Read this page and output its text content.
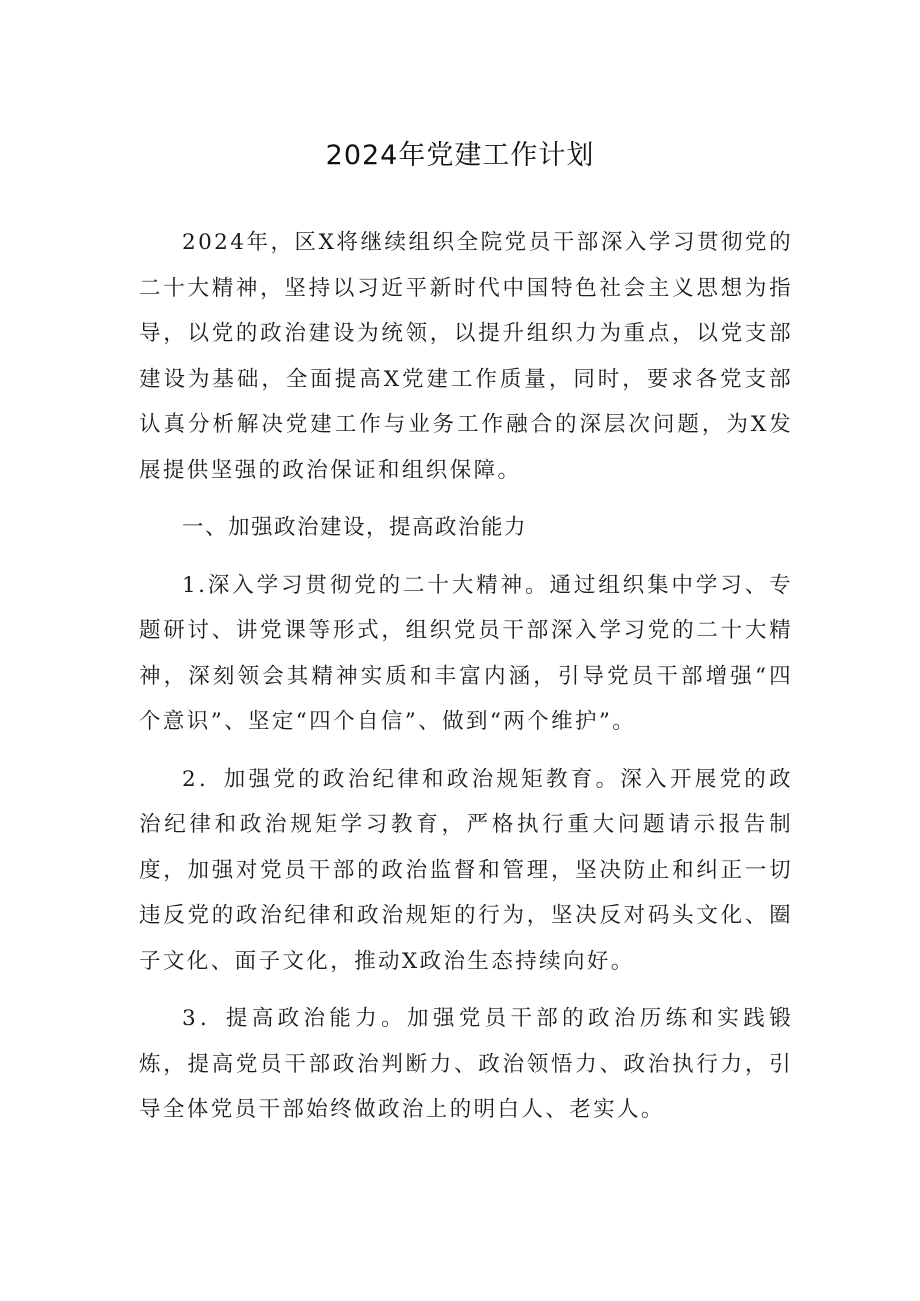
2024年党建工作计划

2024年，区X将继续组织全院党员干部深入学习贯彻党的二十大精神，坚持以习近平新时代中国特色社会主义思想为指导，以党的政治建设为统领，以提升组织力为重点，以党支部建设为基础，全面提高X党建工作质量，同时，要求各党支部认真分析解决党建工作与业务工作融合的深层次问题，为X发展提供坚强的政治保证和组织保障。

一、加强政治建设，提高政治能力

1.深入学习贯彻党的二十大精神。通过组织集中学习、专题研讨、讲党课等形式，组织党员干部深入学习党的二十大精神，深刻领会其精神实质和丰富内涵，引导党员干部增强“四个意识”、坚定“四个自信”、做到“两个维护”。

2．加强党的政治纪律和政治规矩教育。深入开展党的政治纪律和政治规矩学习教育，严格执行重大问题请示报告制度，加强对党员干部的政治监督和管理，坚决防止和纠正一切违反党的政治纪律和政治规矩的行为，坚决反对码头文化、圈子文化、面子文化，推动X政治生态持续向好。

3．提高政治能力。加强党员干部的政治历练和实践锻炼，提高党员干部政治判断力、政治领悟力、政治执行力，引导全体党员干部始终做政治上的明白人、老实人。
